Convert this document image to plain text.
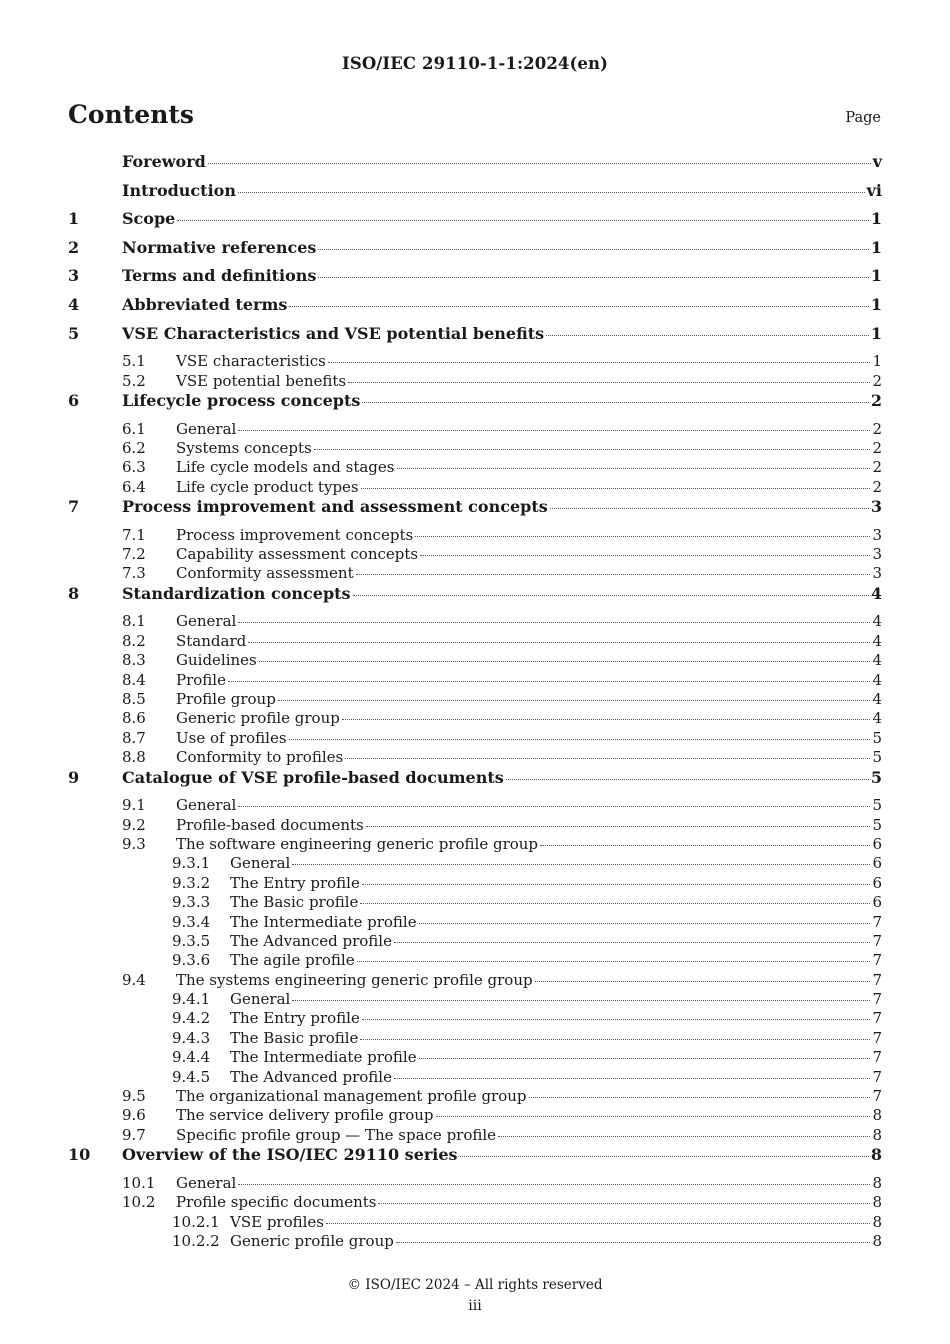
ISO/IEC 29110-1-1:2024(en)
Contents	Page
Foreword	v
Introduction	vi
1	Scope	1
2	Normative references	1
3	Terms and definitions	1
4	Abbreviated terms	1
5	VSE Characteristics and VSE potential benefits	1
5.1	VSE characteristics	1
5.2	VSE potential benefits	2
6	Lifecycle process concepts	2
6.1	General	2
6.2	Systems concepts	2
6.3	Life cycle models and stages	2
6.4	Life cycle product types	2
7	Process improvement and assessment concepts	3
7.1	Process improvement concepts	3
7.2	Capability assessment concepts	3
7.3	Conformity assessment	3
8	Standardization concepts	4
8.1	General	4
8.2	Standard	4
8.3	Guidelines	4
8.4	Profile	4
8.5	Profile group	4
8.6	Generic profile group	4
8.7	Use of profiles	5
8.8	Conformity to profiles	5
9	Catalogue of VSE profile-based documents	5
9.1	General	5
9.2	Profile-based documents	5
9.3	The software engineering generic profile group	6
9.3.1	General	6
9.3.2	The Entry profile	6
9.3.3	The Basic profile	6
9.3.4	The Intermediate profile	7
9.3.5	The Advanced profile	7
9.3.6	The agile profile	7
9.4	The systems engineering generic profile group	7
9.4.1	General	7
9.4.2	The Entry profile	7
9.4.3	The Basic profile	7
9.4.4	The Intermediate profile	7
9.4.5	The Advanced profile	7
9.5	The organizational management profile group	7
9.6	The service delivery profile group	8
9.7	Specific profile group — The space profile	8
10	Overview of the ISO/IEC 29110 series	8
10.1	General	8
10.2	Profile specific documents	8
10.2.1 VSE profiles	8
10.2.2 Generic profile group	8
© ISO/IEC 2024 – All rights reserved
iii
